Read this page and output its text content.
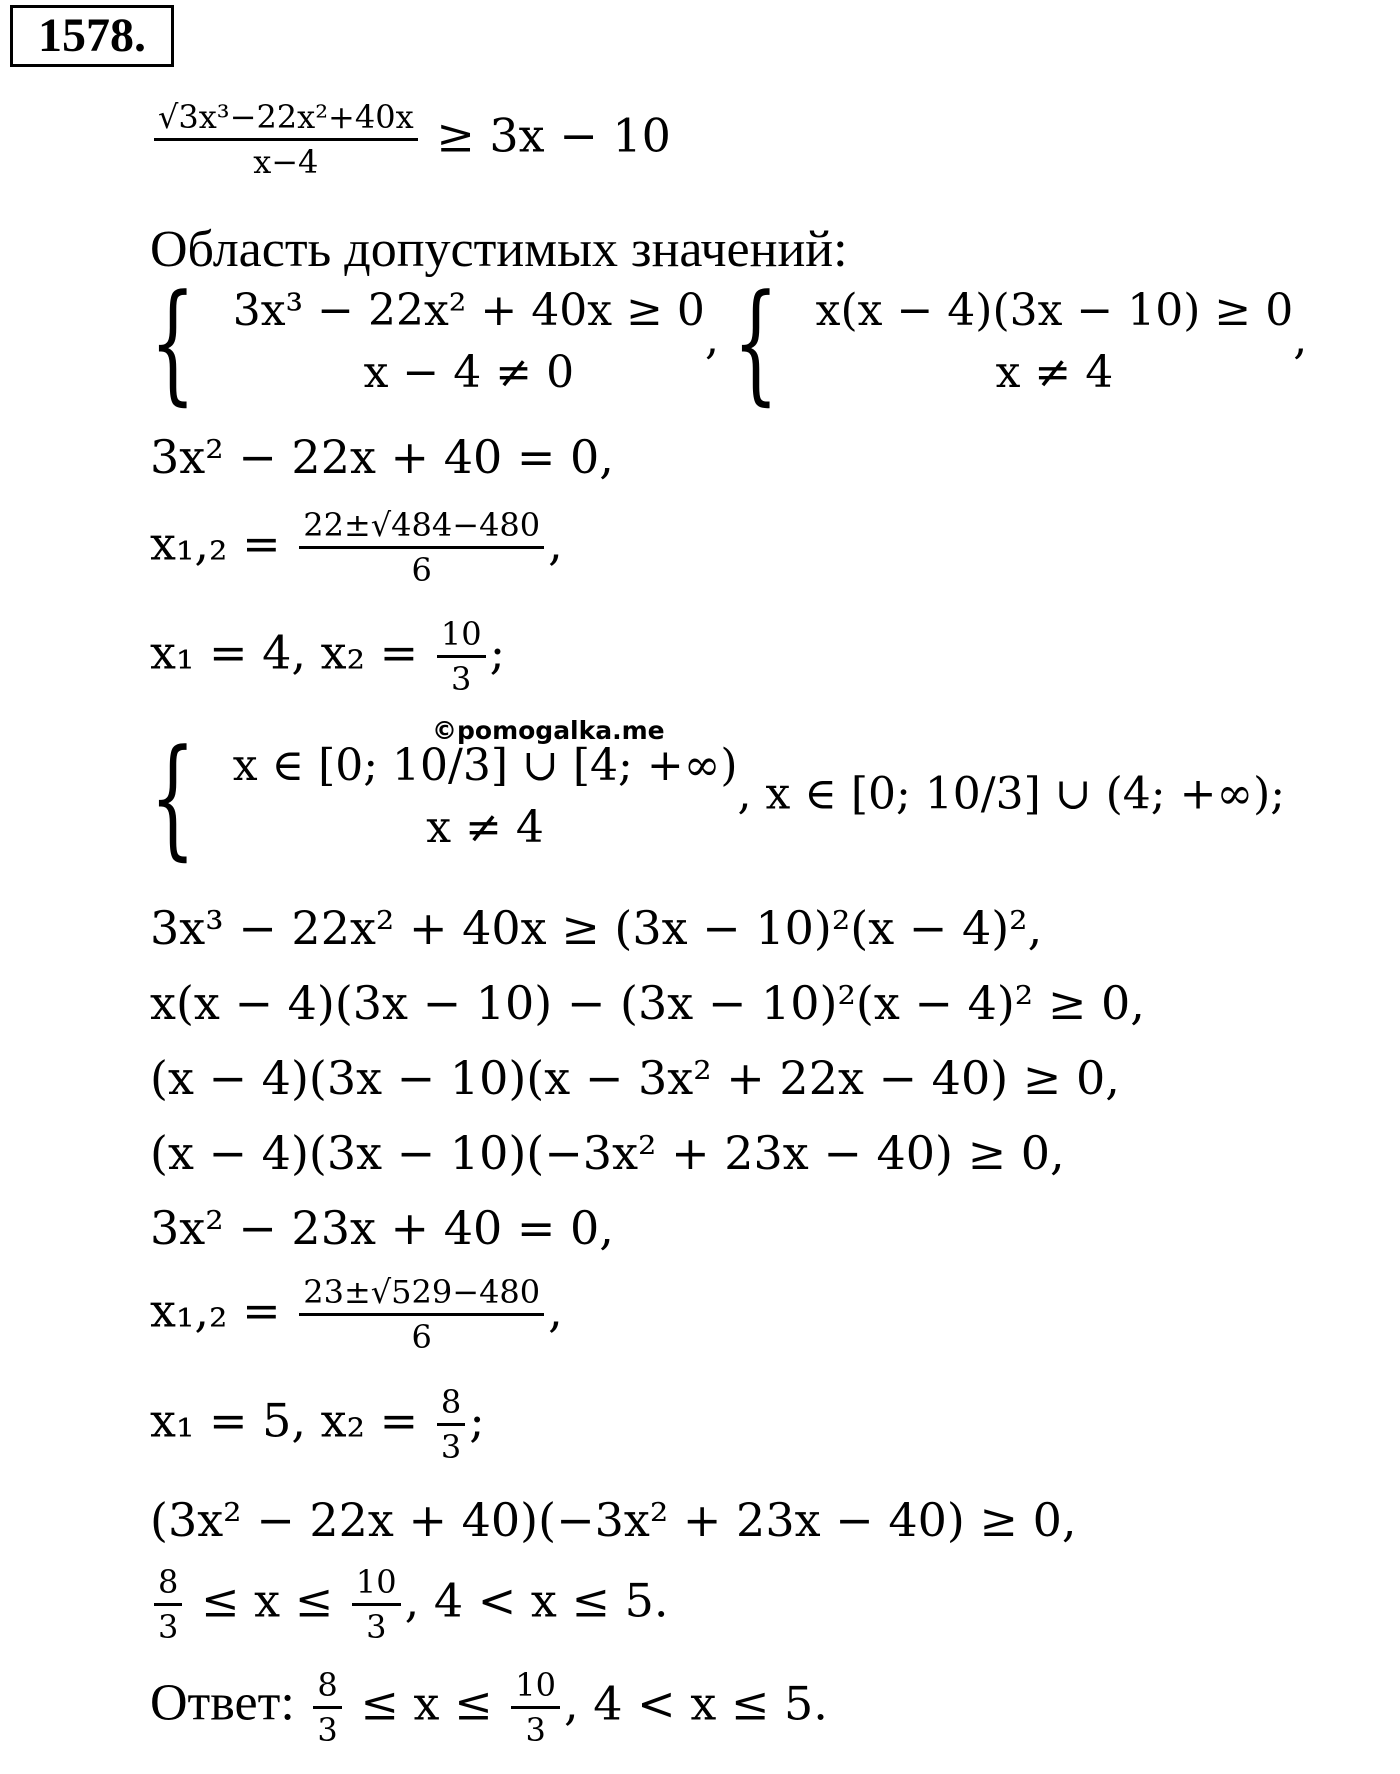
1578.
$\frac{\text{√3x³−22x²+40x}}{x-4} \ge 3x - 10$
Область допустимых значений:
{ 3x³ − 22x² + 40x ≥ 0
x − 4 ≠ 0
, { x(x − 4)(3x − 10) ≥ 0
x ≠ 4
,
3x² − 22x + 40 = 0,
$x_1,_2 = \frac{22\pm√484-480}{6}$ ,
x₁ = 4, $x_2 = \frac{10}{3}$ ;
©pomogalka.me
{ x ∈ [0; 10/3] ∪ [4; +∞)
x ≠ 4
, x ∈ [0; 10/3] ∪ (4; +∞);
3x³ − 22x² + 40x ≥ (3x − 10)²(x − 4)²,
x(x − 4)(3x − 10) − (3x − 10)²(x − 4)² ≥ 0,
(x − 4)(3x − 10)(x − 3x² + 22x − 40) ≥ 0,
(x − 4)(3x − 10)(−3x² + 23x − 40) ≥ 0,
3x² − 23x + 40 = 0,
$x_1,_2 = \frac{23\pm√529-480}{6}$ ,
x₁ = 5, $x_2 = \frac{8}{3}$ ;
(3x² − 22x + 40)(−3x² + 23x − 40) ≥ 0,
$\frac{8}{3} \le x \le \frac{10}{3}$ , 4 < x ≤ 5.
Ответ: $\frac{8}{3} \le x \le \frac{10}{3}$ , 4 < x ≤ 5.
